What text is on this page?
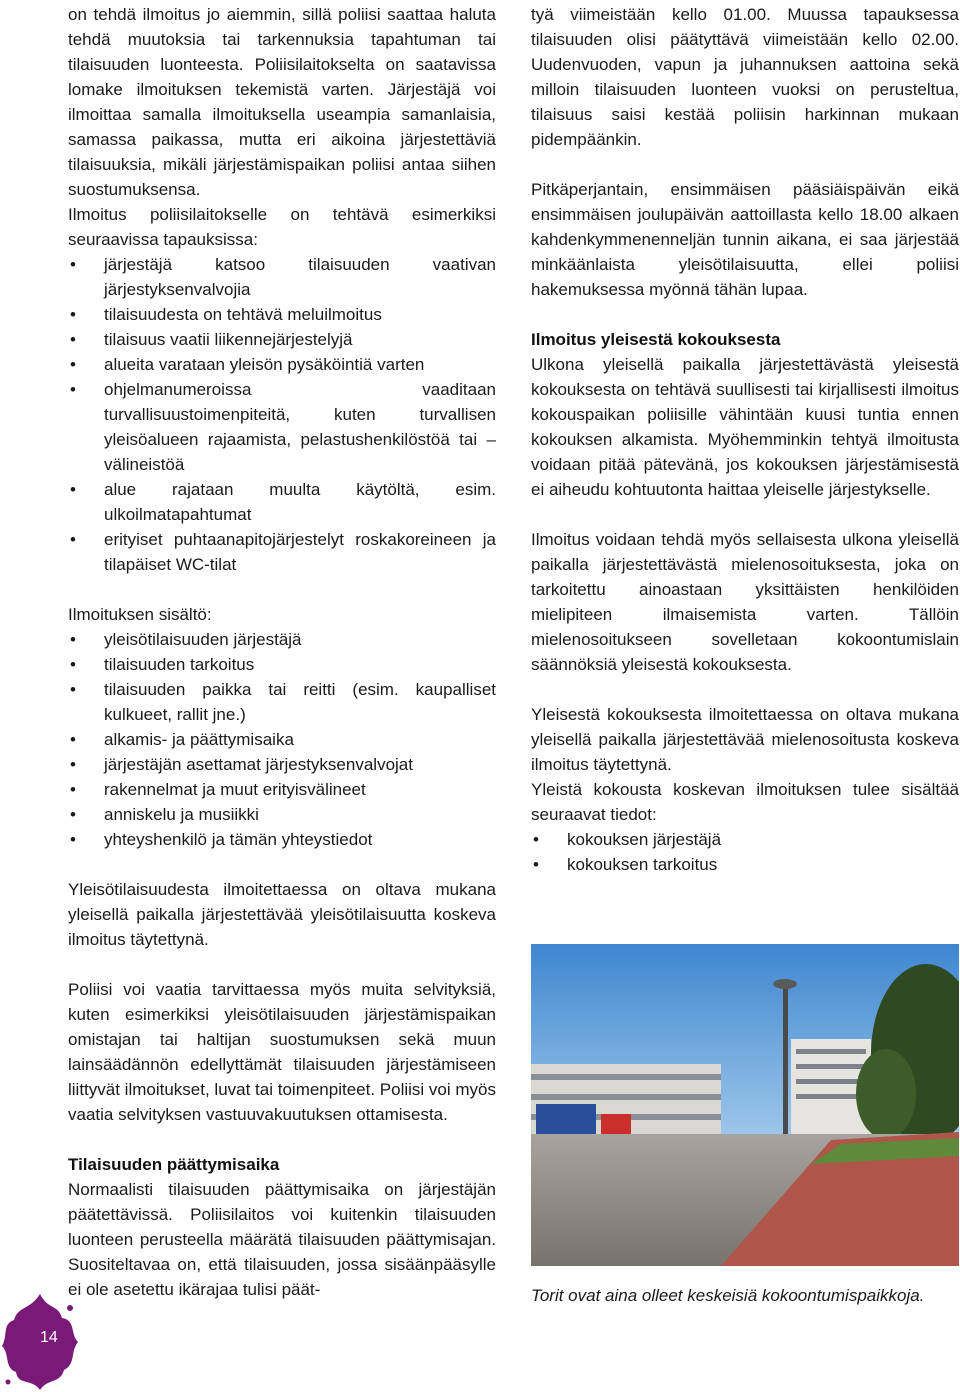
on tehdä ilmoitus jo aiemmin, sillä poliisi saattaa haluta tehdä muutoksia tai tarkennuksia tapahtuman tai tilaisuuden luonteesta. Poliisilaitokselta on saatavissa lomake ilmoituksen tekemistä varten. Järjestäjä voi ilmoittaa samalla ilmoituksella useampia samanlaisia, samassa paikassa, mutta eri aikoina järjestettäviä tilaisuuksia, mikäli järjestämispaikan poliisi antaa siihen suostumuksensa.

Ilmoitus poliisilaitokselle on tehtävä esimerkiksi seuraavissa tapauksissa:

• järjestäjä katsoo tilaisuuden vaativan järjestyksenvalvojia
• tilaisuudesta on tehtävä meluilmoitus
• tilaisuus vaatii liikennejärjestelyjä
• alueita varataan yleisön pysäköintiä varten
• ohjelmanumeroissa vaaditaan turvallisuustoimenpiteitä, kuten turvallisen yleisöalueen rajaamista, pelastushenkilöstöä tai – välineistöä
• alue rajataan muulta käytöltä, esim. ulkoilmatapahtumat
• erityiset puhtaanapitojärjestelyt roskakoreineen ja tilapäiset WC-tilat

Ilmoituksen sisältö:

• yleisötilaisuuden järjestäjä
• tilaisuuden tarkoitus
• tilaisuuden paikka tai reitti (esim. kaupalliset kulkueet, rallit jne.)
• alkamis- ja päättymisaika
• järjestäjän asettamat järjestyksenvalvojat
• rakennelmat ja muut erityisvälineet
• anniskelu ja musiikki
• yhteyshenkilö ja tämän yhteystiedot

Yleisötilaisuudesta ilmoitettaessa on oltava mukana yleisellä paikalla järjestettävää yleisötilaisuutta koskeva ilmoitus täytettynä.

Poliisi voi vaatia tarvittaessa myös muita selvityksiä, kuten esimerkiksi yleisötilaisuuden järjestämispaikan omistajan tai haltijan suostumuksen sekä muun lainsäädännön edellyttämät tilaisuuden järjestämiseen liittyvät ilmoitukset, luvat tai toimenpiteet. Poliisi voi myös vaatia selvityksen vastuuvakuutuksen ottamisesta.

Tilaisuuden päättymisaika

Normaalisti tilaisuuden päättymisaika on järjestäjän päätettävissä. Poliisilaitos voi kuitenkin tilaisuuden luonteen perusteella määrätä tilaisuuden päättymisajan. Suositeltavaa on, että tilaisuuden, jossa sisäänpääsylle ei ole asetettu ikärajaa tulisi päät-

tyä viimeistään kello 01.00. Muussa tapauksessa tilaisuuden olisi päätyttävä viimeistään kello 02.00. Uudenvuoden, vapun ja juhannuksen aattoina sekä milloin tilaisuuden luonteen vuoksi on perusteltua, tilaisuus saisi kestää poliisin harkinnan mukaan pidempäänkin.

Pitkäperjantain, ensimmäisen pääsiäispäivän eikä ensimmäisen joulupäivän aattoillasta kello 18.00 alkaen kahdenkymmenenneljän tunnin aikana, ei saa järjestää minkäänlaista yleisötilaisuutta, ellei poliisi hakemuksessa myönnä tähän lupaa.

Ilmoitus yleisestä kokouksesta

Ulkona yleisellä paikalla järjestettävästä yleisestä kokouksesta on tehtävä suullisesti tai kirjallisesti ilmoitus kokouspaikan poliisille vähintään kuusi tuntia ennen kokouksen alkamista. Myöhemminkin tehtyä ilmoitusta voidaan pitää pätevänä, jos kokouksen järjestämisestä ei aiheudu kohtuutonta haittaa yleiselle järjestykselle.

Ilmoitus voidaan tehdä myös sellaisesta ulkona yleisellä paikalla järjestettävästä mielenosoituksesta, joka on tarkoitettu ainoastaan yksittäisten henkilöiden mielipiteen ilmaisemista varten. Tällöin mielenosoitukseen sovelletaan kokoontumislain säännöksiä yleisestä kokouksesta.

Yleisestä kokouksesta ilmoitettaessa on oltava mukana yleisellä paikalla järjestettävää mielenosoitusta koskeva ilmoitus täytettynä.

Yleistä kokousta koskevan ilmoituksen tulee sisältää seuraavat tiedot:

• kokouksen järjestäjä
• kokouksen tarkoitus
Torit ovat aina olleet keskeisiä kokoontumispaikkoja.
14
